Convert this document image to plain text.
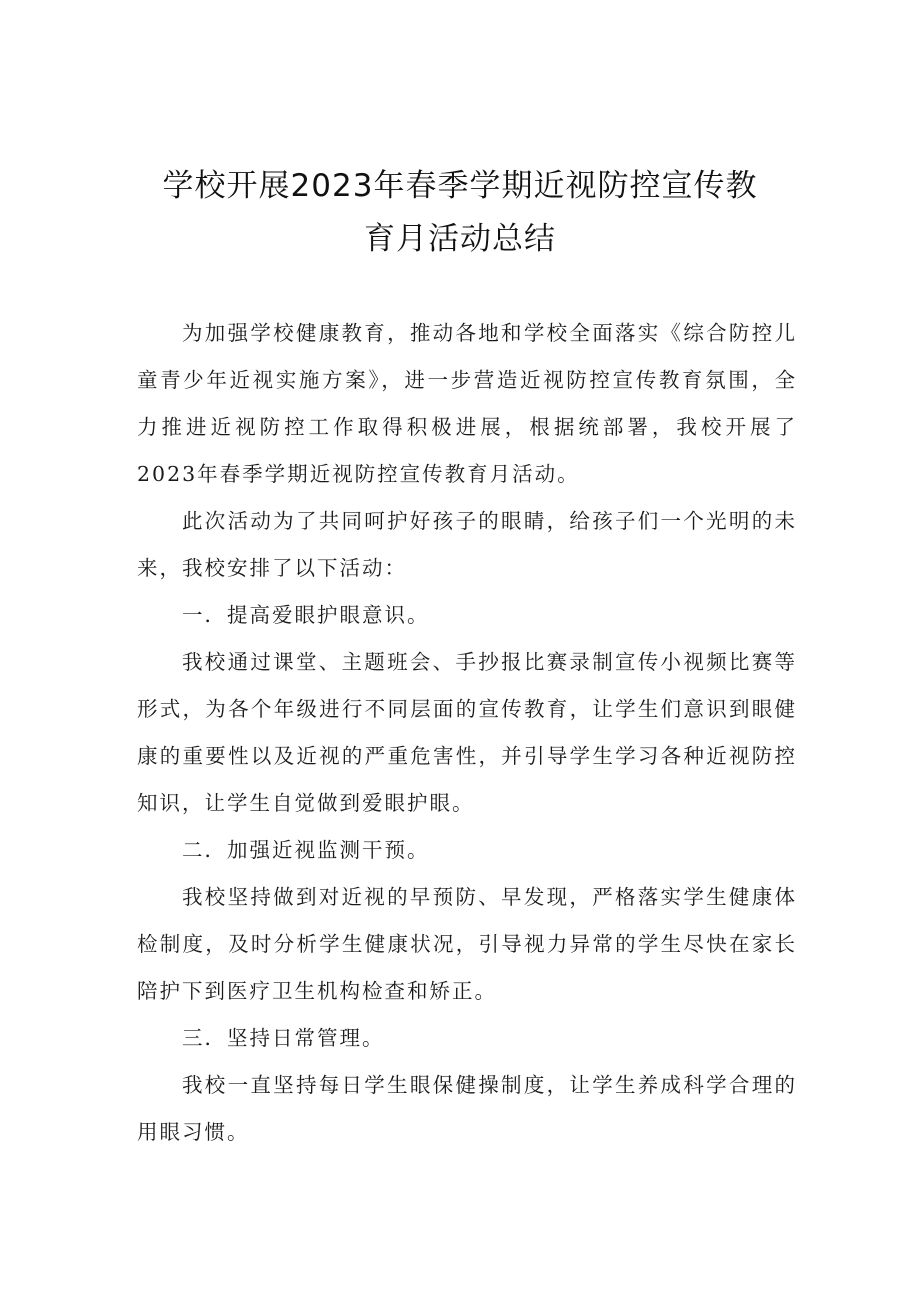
学校开展2023年春季学期近视防控宣传教
育月活动总结

为加强学校健康教育，推动各地和学校全面落实《综合防控儿童青少年近视实施方案》，进一步营造近视防控宣传教育氛围，全力推进近视防控工作取得积极进展，根据统部署，我校开展了2023年春季学期近视防控宣传教育月活动。

此次活动为了共同呵护好孩子的眼睛，给孩子们一个光明的未来，我校安排了以下活动：

一．提高爱眼护眼意识。

我校通过课堂、主题班会、手抄报比赛录制宣传小视频比赛等形式，为各个年级进行不同层面的宣传教育，让学生们意识到眼健康的重要性以及近视的严重危害性，并引导学生学习各种近视防控知识，让学生自觉做到爱眼护眼。

二．加强近视监测干预。

我校坚持做到对近视的早预防、早发现，严格落实学生健康体检制度，及时分析学生健康状况，引导视力异常的学生尽快在家长陪护下到医疗卫生机构检查和矫正。

三．坚持日常管理。

我校一直坚持每日学生眼保健操制度，让学生养成科学合理的用眼习惯。
